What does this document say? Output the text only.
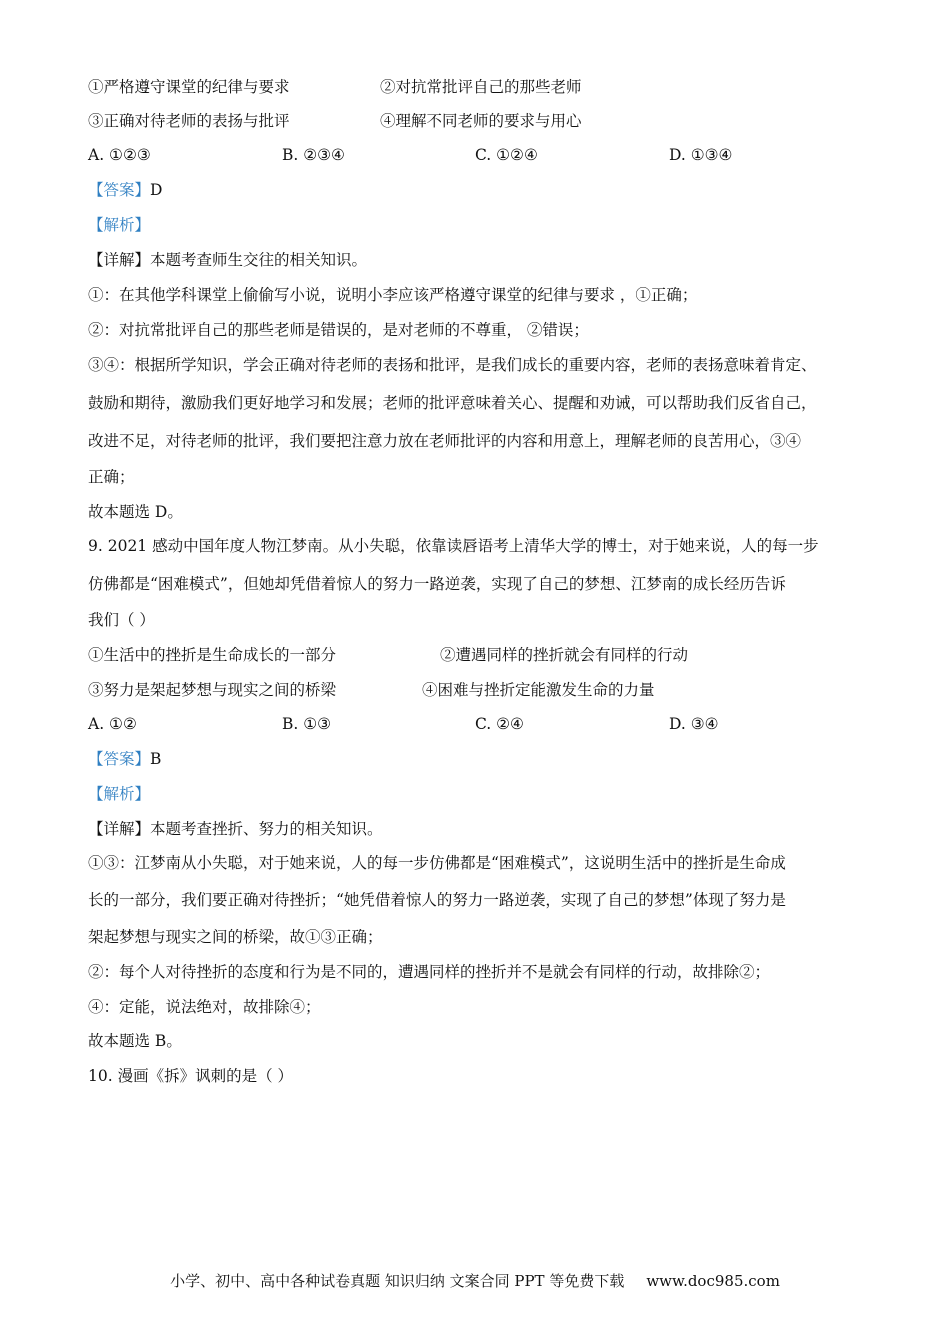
①严格遵守课堂的纪律与要求	②对抗常批评自己的那些老师
③正确对待老师的表扬与批评	④理解不同老师的要求与用心
A. ①②③	B. ②③④	C. ①②④	D. ①③④
【答案】D
【解析】
【详解】本题考查师生交往的相关知识。
①：在其他学科课堂上偷偷写小说，说明小李应该严格遵守课堂的纪律与要求 ，①正确；
②：对抗常批评自己的那些老师是错误的，是对老师的不尊重， ②错误；
③④：根据所学知识，学会正确对待老师的表扬和批评，是我们成长的重要内容，老师的表扬意味着肯定、
鼓励和期待，激励我们更好地学习和发展；老师的批评意味着关心、提醒和劝诫，可以帮助我们反省自己，
改进不足，对待老师的批评，我们要把注意力放在老师批评的内容和用意上，理解老师的良苦用心，③④
正确；
故本题选 D。
9. 2021 感动中国年度人物江梦南。从小失聪，依靠读唇语考上清华大学的博士，对于她来说，人的每一步
仿佛都是“困难模式”，但她却凭借着惊人的努力一路逆袭，实现了自己的梦想、江梦南的成长经历告诉
我们（ ）
①生活中的挫折是生命成长的一部分	②遭遇同样的挫折就会有同样的行动
③努力是架起梦想与现实之间的桥梁	④困难与挫折定能激发生命的力量
A. ①②	B. ①③	C. ②④	D. ③④
【答案】B
【解析】
【详解】本题考查挫折、努力的相关知识。
①③：江梦南从小失聪，对于她来说，人的每一步仿佛都是“困难模式”，这说明生活中的挫折是生命成
长的一部分，我们要正确对待挫折；“她凭借着惊人的努力一路逆袭，实现了自己的梦想”体现了努力是
架起梦想与现实之间的桥梁，故①③正确；
②：每个人对待挫折的态度和行为是不同的，遭遇同样的挫折并不是就会有同样的行动，故排除②；
④：定能，说法绝对，故排除④；
故本题选 B。
10. 漫画《拆》讽刺的是（ ）
小学、初中、高中各种试卷真题 知识归纳 文案合同 PPT 等免费下载 www.doc985.com
